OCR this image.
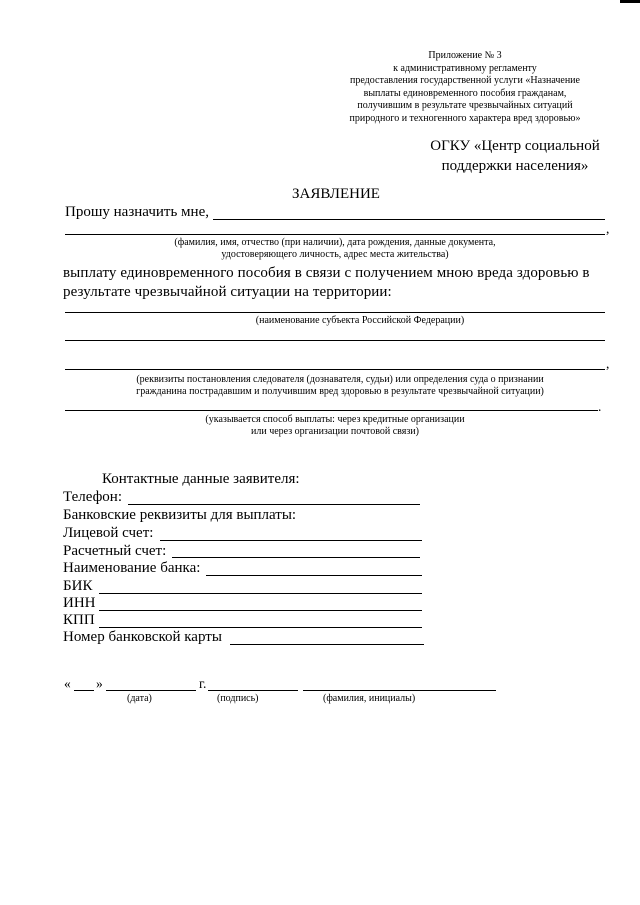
Приложение № 3
к административному регламенту
предоставления государственной услуги «Назначение
выплаты единовременного пособия гражданам,
получившим в результате чрезвычайных ситуаций
природного и техногенного характера вред здоровью»
ОГКУ «Центр социальной
поддержки населения»
ЗАЯВЛЕНИЕ
Прошу назначить мне,
,
(фамилия, имя, отчество (при наличии), дата рождения, данные документа,
удостоверяющего личность, адрес места жительства)
выплату единовременного пособия в связи с получением мною вреда здоровью в
результате чрезвычайной ситуации на территории:
(наименование субъекта Российской Федерации)
,
(реквизиты постановления следователя (дознавателя, судьи) или определения суда о признании
гражданина пострадавшим и получившим вред здоровью в результате чрезвычайной ситуации)
.
(указывается способ выплаты: через кредитные организации
или через организации почтовой связи)
Контактные данные заявителя:
Телефон:
Банковские реквизиты для выплаты:
Лицевой счет:
Расчетный счет:
Наименование банка:
БИК
ИНН
КПП
Номер банковской карты
« »	г.
(дата)	(подпись)	(фамилия, инициалы)
